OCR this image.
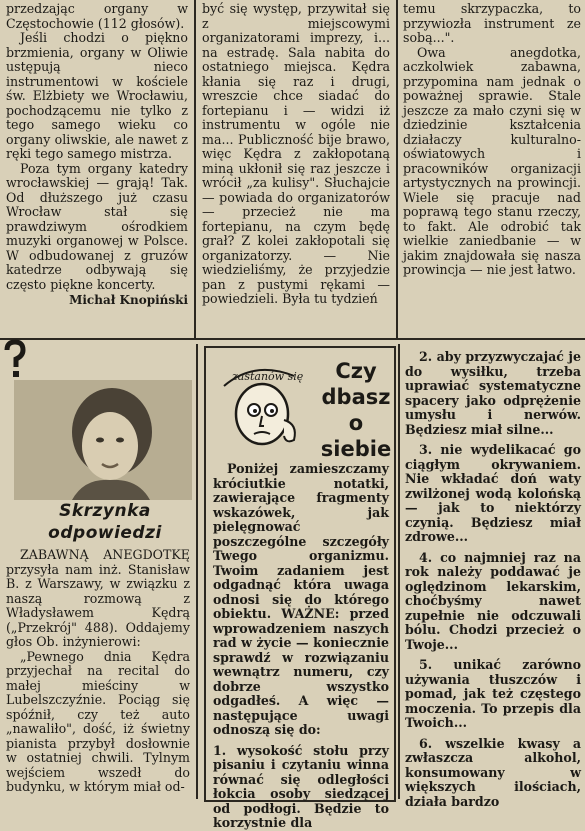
przedzając organy w Częstochowie (112 głosów).

Jeśli chodzi o piękno brzmienia, organy w Oliwie ustępują nieco instrumentowi w kościele św. Elżbiety we Wrocławiu, pochodzącemu nie tylko z tego samego wieku co organy oliwskie, ale nawet z ręki tego samego mistrza.

Poza tym organy katedry wrocławskiej — grają! Tak. Od dłuższego już czasu Wrocław stał się prawdziwym ośrodkiem muzyki organowej w Polsce. W odbudowanej z gruzów katedrze odbywają się często piękne koncerty.

Michał Knopiński

być się występ, przywitał się z miejscowymi organizatorami imprezy, i... na estradę. Sala nabita do ostatniego miejsca. Kędra kłania się raz i drugi, wreszcie chce siadać do fortepianu i — widzi iż instrumentu w ogóle nie ma... Publiczność bije brawo, więc Kędra z zakłopotaną miną ukłonił się raz jeszcze i wrócił „za kulisy". Słuchajcie — powiada do organizatorów — przecież nie ma fortepianu, na czym będę grał? Z kolei zakłopotali się organizatorzy. — Nie wiedzieliśmy, że przyjedzie pan z pustymi rękami — powiedzieli. Była tu tydzień

temu skrzypaczka, to przywiozła instrument ze sobą...".

Owa anegdotka, aczkolwiek zabawna, przypomina nam jednak o poważnej sprawie. Stale jeszcze za mało czyni się w dziedzinie kształcenia działaczy kulturalno-oświatowych i pracowników organizacji artystycznych na prowincji. Wiele się pracuje nad poprawą tego stanu rzeczy, to fakt. Ale odrobić tak wielkie zaniedbanie — w jakim znajdowała się nasza prowincja — nie jest łatwo.

Skrzynka odpowiedzi

ZABAWNĄ ANEGDOTKĘ przysyła nam inż. Stanisław B. z Warszawy, w związku z naszą rozmową z Władysławem Kędrą („Przekrój" 488). Oddajemy głos Ob. inżynierowi:

„Pewnego dnia Kędra przyjechał na recital do małej mieściny w Lubelszczyźnie. Pociąg się spóźnił, czy też auto „nawaliło", dość, iż świetny pianista przybył dosłownie w ostatniej chwili. Tylnym wejściem wszedł do budynku, w którym miał od-

zastanów się	Czy dbasz o siebie

Poniżej zamieszczamy króciutkie notatki, zawierające fragmenty wskazówek, jak pielęgnować poszczególne szczegóły Twego organizmu. Twoim zadaniem jest odgadnąć która uwaga odnosi się do którego obiektu. WAŻNE: przed wprowadzeniem naszych rad w życie — koniecznie sprawdź w rozwiązaniu wewnątrz numeru, czy dobrze wszystko odgadłeś. A więc — następujące uwagi odnoszą się do:

1. wysokość stołu przy pisaniu i czytaniu winna równać się odległości łokcia osoby siedzącej od podłogi. Będzie to korzystnie dla

2. aby przyzwyczajać je do wysiłku, trzeba uprawiać systematyczne spacery jako odprężenie umysłu i nerwów. Będziesz miał silne...

3. nie wydelikacać go ciągłym okrywaniem. Nie wkładać doń waty zwilżonej wodą kolońską — jak to niektórzy czynią. Będziesz miał zdrowe...

4. co najmniej raz na rok należy poddawać je oględzinom lekarskim, choćbyśmy nawet zupełnie nie odczuwali bólu. Chodzi przecież o Twoje...

5. unikać zarówno używania tłuszczów i pomad, jak też częstego moczenia. To przepis dla Twoich...

6. wszelkie kwasy a zwłaszcza alkohol, konsumowany w większych ilościach, działa bardzo
